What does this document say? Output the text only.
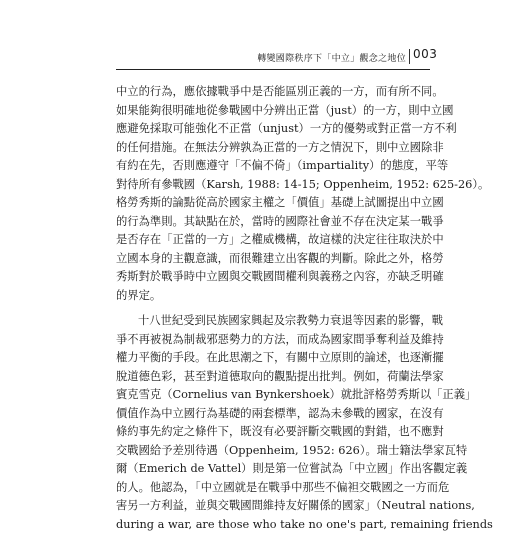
轉變國際秩序下「中立」觀念之地位 003
中立的行為，應依據戰爭中是否能區別正義的一方，而有所不同。
如果能夠很明確地從參戰國中分辨出正當（just）的一方，則中立國
應避免採取可能強化不正當（unjust）一方的優勢或對正當一方不利
的任何措施。在無法分辨孰為正當的一方之情況下，則中立國除非
有約在先，否則應遵守「不偏不倚」（impartiality）的態度，平等
對待所有參戰國（Karsh, 1988: 14-15; Oppenheim, 1952: 625-26）。
格勞秀斯的論點從高於國家主權之「價值」基礎上試圖提出中立國
的行為準則。其缺點在於，當時的國際社會並不存在決定某一戰爭
是否存在「正當的一方」之權威機構，故這樣的決定往往取決於中
立國本身的主觀意識，而很難建立出客觀的判斷。除此之外，格勞
秀斯對於戰爭時中立國與交戰國間權利與義務之內容，亦缺乏明確
的界定。
十八世紀受到民族國家興起及宗教勢力衰退等因素的影響，戰
爭不再被視為制裁邪惡勢力的方法，而成為國家間爭奪利益及維持
權力平衡的手段。在此思潮之下，有關中立原則的論述，也逐漸擺
脫道德色彩，甚至對道德取向的觀點提出批判。例如，荷蘭法學家
賓克雪克（Cornelius van Bynkershoek）就批評格勞秀斯以「正義」
價值作為中立國行為基礎的兩套標準，認為未參戰的國家，在沒有
條約事先約定之條件下，既沒有必要評斷交戰國的對錯，也不應對
交戰國給予差別待遇（Oppenheim, 1952: 626）。瑞士籍法學家瓦特
爾（Emerich de Vattel）則是第一位嘗試為「中立國」作出客觀定義
的人。他認為，「中立國就是在戰爭中那些不偏袒交戰國之一方而危
害另一方利益，並與交戰國間維持友好關係的國家」（Neutral nations,
during a war, are those who take no one's part, remaining friends
